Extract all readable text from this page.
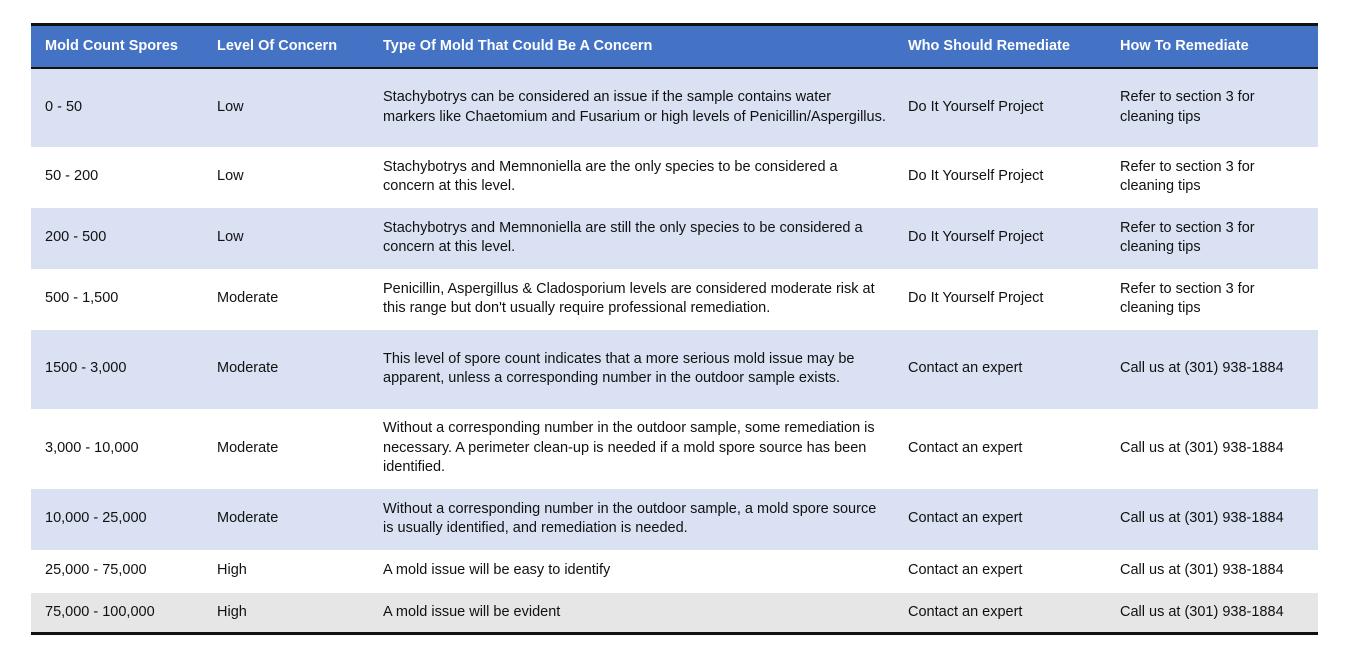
Mold Count Spores	Level Of Concern	Type Of Mold That Could Be A Concern	Who Should Remediate	How To Remediate
0 - 50	Low	Stachybotrys can be considered an issue if the sample contains water markers like Chaetomium and Fusarium or high levels of Penicillin/Aspergillus.	Do It Yourself Project	Refer to section 3 for cleaning tips
50 - 200	Low	Stachybotrys and Memnoniella are the only species to be considered a concern at this level.	Do It Yourself Project	Refer to section 3 for cleaning tips
200 - 500	Low	Stachybotrys and Memnoniella are still the only species to be considered a concern at this level.	Do It Yourself Project	Refer to section 3 for cleaning tips
500 - 1,500	Moderate	Penicillin, Aspergillus & Cladosporium levels are considered moderate risk at this range but don't usually require professional remediation.	Do It Yourself Project	Refer to section 3 for cleaning tips
1500 - 3,000	Moderate	This level of spore count indicates that a more serious mold issue may be apparent, unless a corresponding number in the outdoor sample exists.	Contact an expert	Call us at (301) 938-1884
3,000 - 10,000	Moderate	Without a corresponding number in the outdoor sample, some remediation is necessary. A perimeter clean-up is needed if a mold spore source has been identified.	Contact an expert	Call us at (301) 938-1884
10,000 - 25,000	Moderate	Without a corresponding number in the outdoor sample, a mold spore source is usually identified, and remediation is needed.	Contact an expert	Call us at (301) 938-1884
25,000 - 75,000	High	A mold issue will be easy to identify	Contact an expert	Call us at (301) 938-1884
75,000 - 100,000	High	A mold issue will be evident	Contact an expert	Call us at (301) 938-1884
